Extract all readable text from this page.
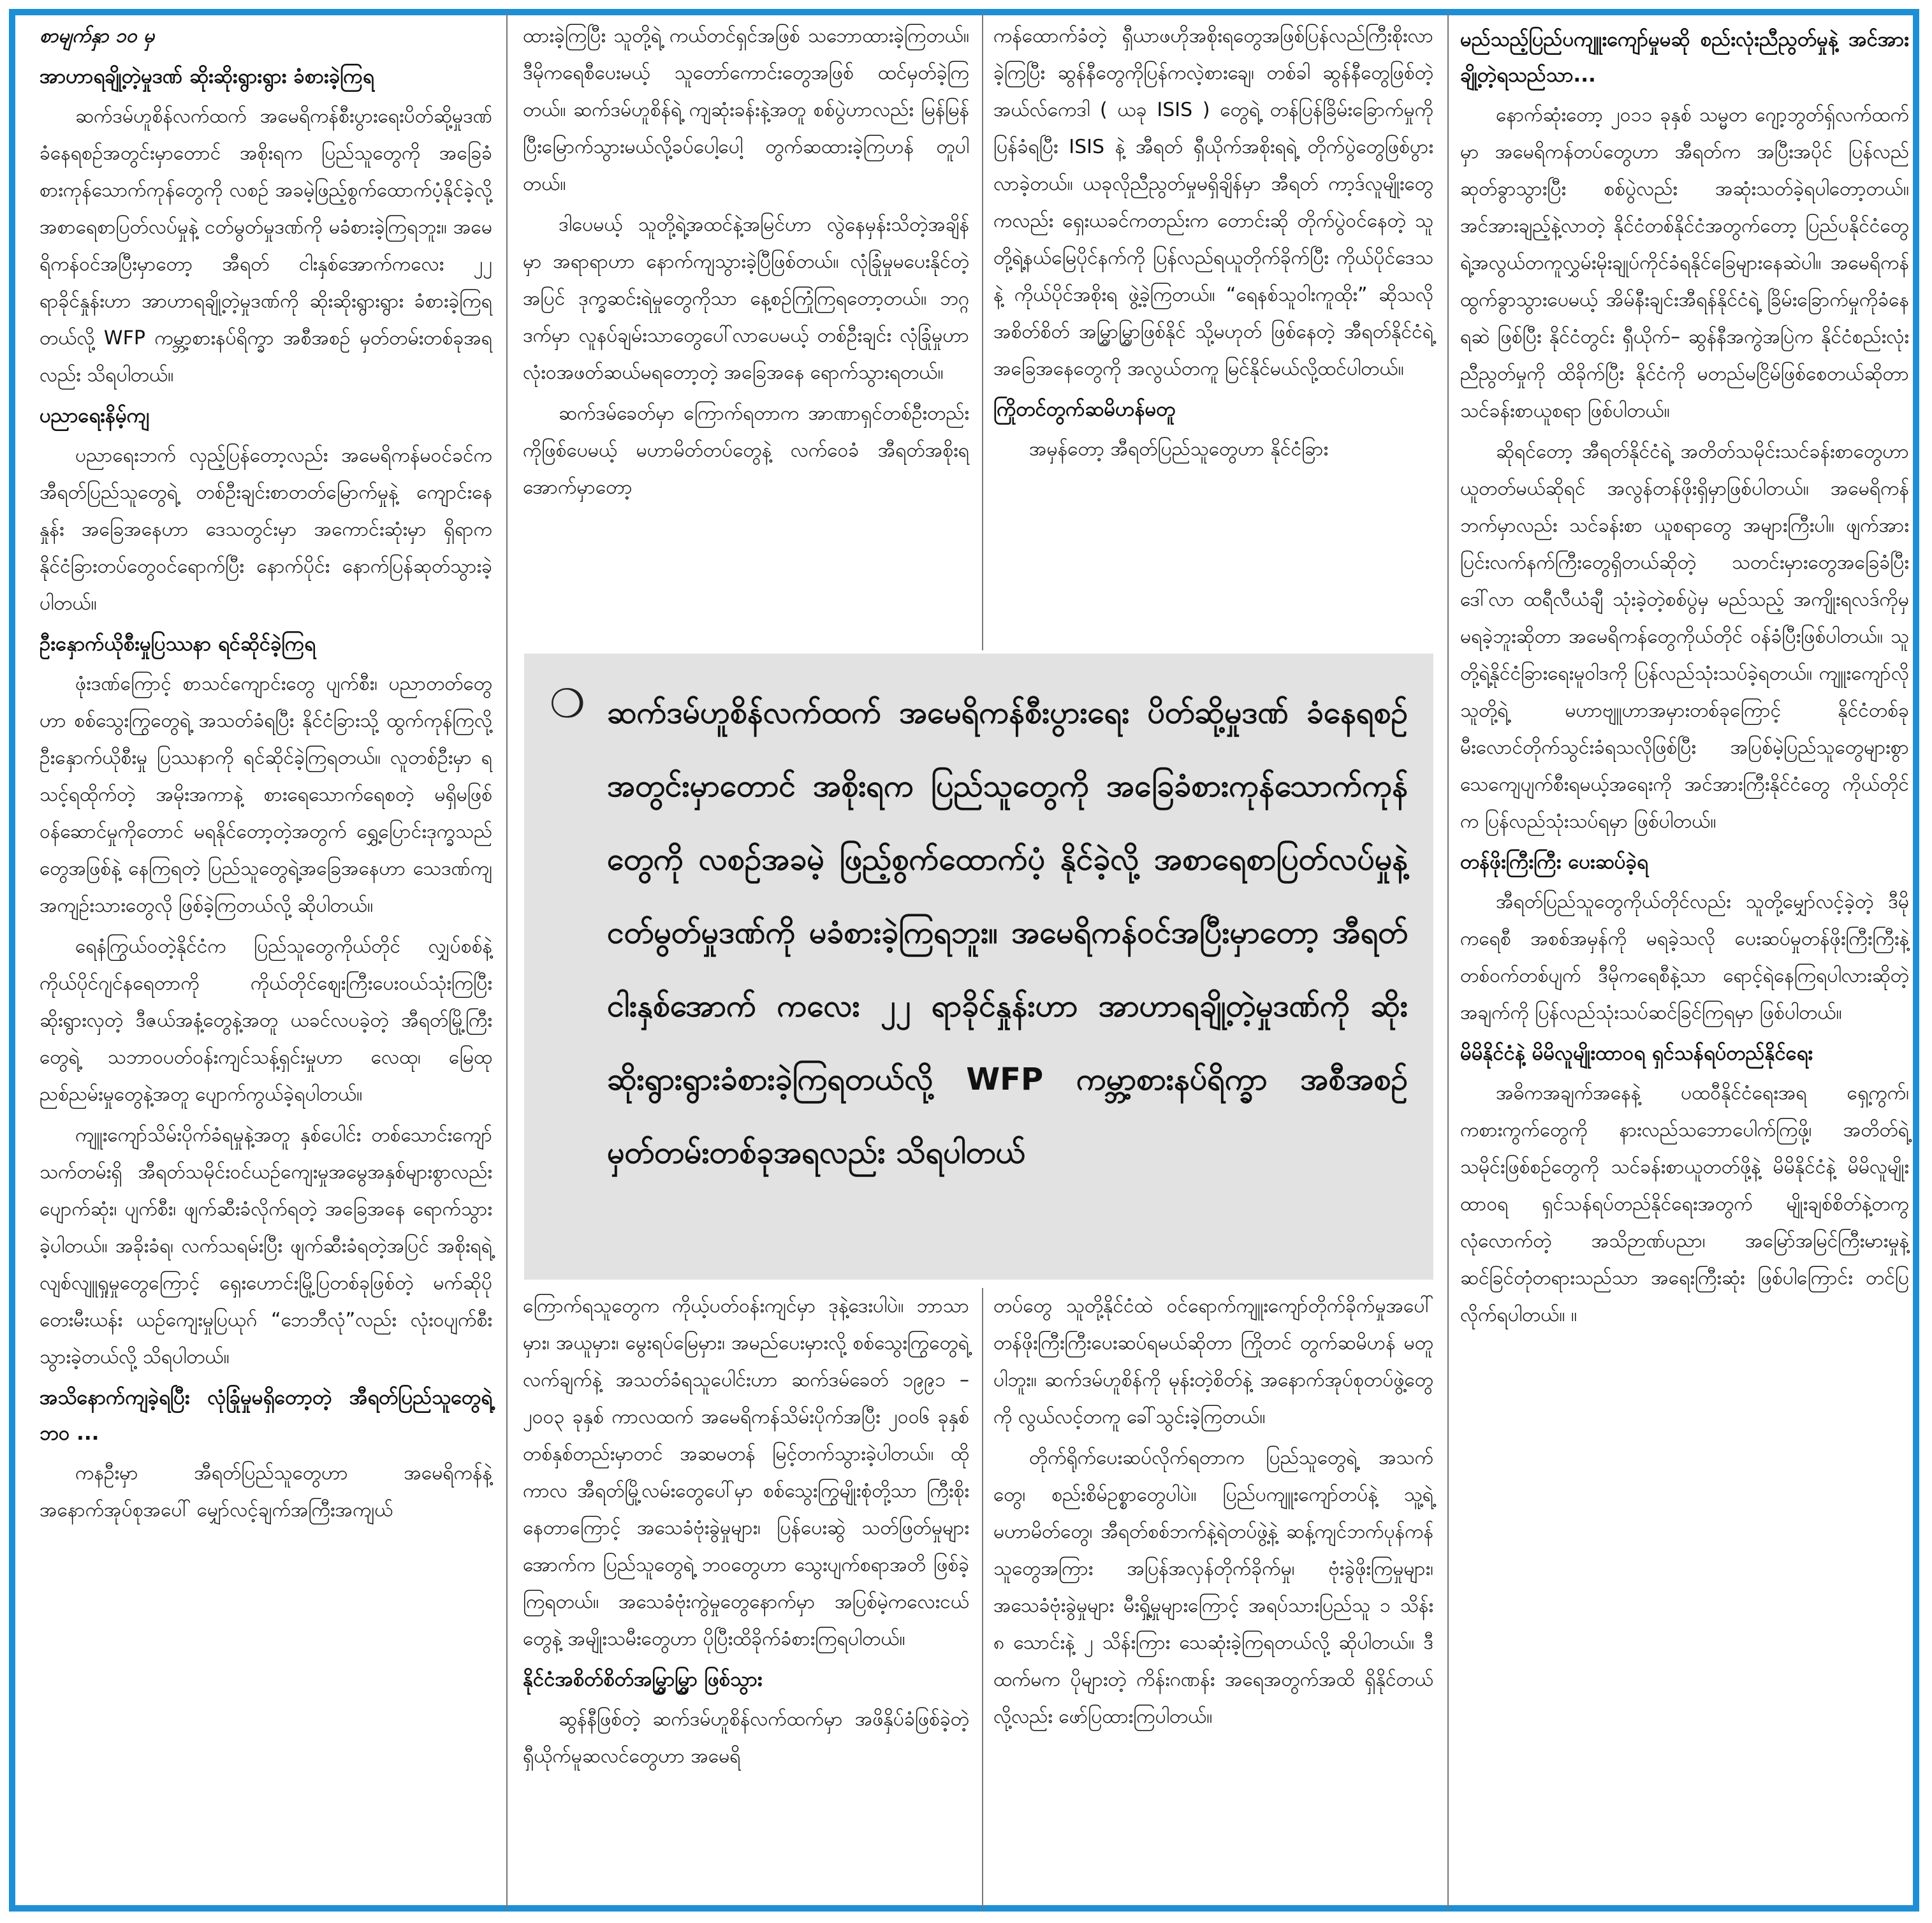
စာမျက်နှာ ၁၀ မှ
အာဟာရချို့တဲ့မှုဒဏ် ဆိုးဆိုးရွားရွား ခံစားခဲ့ကြရ

ဆက်ဒမ်ဟူစိန်လက်ထက် အမေရိကန်စီးပွားရေးပိတ်ဆို့မှုဒဏ် ခံနေရစဉ်အတွင်းမှာတောင် အစိုးရက ပြည်သူတွေကို အခြေခံစားကုန်သောက်ကုန်တွေကို လစဉ် အခမဲ့ဖြည့်စွက်ထောက်ပံ့နိုင်ခဲ့လို့ အစာရေစာပြတ်လပ်မှုနဲ့ ငတ်မွတ်မှုဒဏ်ကို မခံစားခဲ့ကြရဘူး။ အမေရိကန်ဝင်အပြီးမှာတော့ အီရတ် ငါးနှစ်အောက်ကလေး ၂၂ ရာခိုင်နှုန်းဟာ အာဟာရချို့တဲ့မှုဒဏ်ကို ဆိုးဆိုးရွားရွား ခံစားခဲ့ကြရတယ်လို့ WFP ကမ္ဘာ့စားနပ်ရိက္ခာ အစီအစဉ် မှတ်တမ်းတစ်ခုအရလည်း သိရပါတယ်။

ပညာရေးနိမ့်ကျ

ပညာရေးဘက် လှည့်ပြန်တော့လည်း အမေရိကန်မဝင်ခင်က အီရတ်ပြည်သူတွေရဲ့ တစ်ဦးချင်းစာတတ်မြောက်မှုနဲ့ ကျောင်းနေနှုန်း အခြေအနေဟာ ဒေသတွင်းမှာ အကောင်းဆုံးမှာ ရှိရာက နိုင်ငံခြားတပ်တွေဝင်ရောက်ပြီး နောက်ပိုင်း နောက်ပြန်ဆုတ်သွားခဲ့ပါတယ်။

ဦးနှောက်ယိုစီးမှုပြဿနာ ရင်ဆိုင်ခဲ့ကြရ

ဖုံးဒဏ်ကြောင့် စာသင်ကျောင်းတွေ ပျက်စီး၊ ပညာတတ်တွေဟာ စစ်သွေးကြွတွေရဲ့ အသတ်ခံရပြီး နိုင်ငံခြားသို့ ထွက်ကုန်ကြလို့ ဦးနှောက်ယိုစီးမှု ပြဿနာကို ရင်ဆိုင်ခဲ့ကြရတယ်။ လူတစ်ဦးမှာ ရသင့်ရထိုက်တဲ့ အမိုးအကာနဲ့ စားရေသောက်ရေစတဲ့ မရှိမဖြစ် ဝန်ဆောင်မှုကိုတောင် မရနိုင်တော့တဲ့အတွက် ရွှေ့ပြောင်းဒုက္ခသည်တွေအဖြစ်နဲ့ နေကြရတဲ့ ပြည်သူတွေရဲ့အခြေအနေဟာ သေဒဏ်ကျအကျဉ်းသားတွေလို ဖြစ်ခဲ့ကြတယ်လို့ ဆိုပါတယ်။

ရေနံကြွယ်ဝတဲ့နိုင်ငံက ပြည်သူတွေကိုယ်တိုင် လျှပ်စစ်နဲ့ ကိုယ်ပိုင်ဂျင်နရေတာကို ကိုယ်တိုင်ဈေးကြီးပေးဝယ်သုံးကြပြီး ဆိုးရွားလှတဲ့ ဒီဇယ်အနံ့တွေနဲ့အတူ ယခင်လပခဲ့တဲ့ အီရတ်မြို့ကြီးတွေရဲ့ သဘာဝပတ်ဝန်းကျင်သန့်ရှင်းမှုဟာ လေထု၊ မြေထု ညစ်ညမ်းမှုတွေနဲ့အတူ ပျောက်ကွယ်ခဲ့ရပါတယ်။

ကျူးကျော်သိမ်းပိုက်ခံရမှုနဲ့အတူ နှစ်ပေါင်း တစ်သောင်းကျော်သက်တမ်းရှိ အီရတ်သမိုင်းဝင်ယဉ်ကျေးမှုအမွေအနှစ်များစွာလည်း ပျောက်ဆုံး၊ ပျက်စီး၊ ဖျက်ဆီးခံလိုက်ရတဲ့ အခြေအနေ ရောက်သွားခဲ့ပါတယ်။ အခိုးခံရ၊ လက်သရမ်းပြီး ဖျက်ဆီးခံရတဲ့အပြင် အစိုးရရဲ့ လျစ်လျူရှုမှုတွေကြောင့် ရှေးဟောင်းမြို့ပြတစ်ခုဖြစ်တဲ့ မက်ဆိုပိုတေးမီးယန်း ယဉ်ကျေးမှုပြယုဂ် “ဘေဘီလုံ”လည်း လုံးဝပျက်စီးသွားခဲ့တယ်လို့ သိရပါတယ်။

အသိနောက်ကျခဲ့ရပြီး လုံခြုံမှုမရှိတော့တဲ့ အီရတ်ပြည်သူတွေရဲ့ဘဝ ...

ကနဦးမှာ အီရတ်ပြည်သူတွေဟာ အမေရိကန်နဲ့ အနောက်အုပ်စုအပေါ် မျှော်လင့်ချက်အကြီးအကျယ်

ထားခဲ့ကြပြီး သူတို့ရဲ့ ကယ်တင်ရှင်အဖြစ် သဘောထားခဲ့ကြတယ်။ ဒီမိုကရေစီပေးမယ့် သူတော်ကောင်းတွေအဖြစ် ထင်မှတ်ခဲ့ကြတယ်။ ဆက်ဒမ်ဟူစိန်ရဲ့ ကျဆုံးခန်းနဲ့အတူ စစ်ပွဲဟာလည်း မြန်မြန်ပြီးမြောက်သွားမယ်လို့ခပ်ပေါ့ပေါ့ တွက်ဆထားခဲ့ကြဟန် တူပါတယ်။

ဒါပေမယ့် သူတို့ရဲ့အထင်နဲ့အမြင်ဟာ လွဲနေမှန်းသိတဲ့အချိန်မှာ အရာရာဟာ နောက်ကျသွားခဲ့ပြီဖြစ်တယ်။ လုံခြုံမှုမပေးနိုင်တဲ့အပြင် ဒုက္ခဆင်းရဲမှုတွေကိုသာ နေ့စဉ်ကြုံကြရတော့တယ်။ ဘဂ္ဂဒက်မှာ လူနပ်ချမ်းသာတွေပေါ်လာပေမယ့် တစ်ဦးချင်း လုံခြုံမှုဟာ လုံးဝအဖတ်ဆယ်မရတော့တဲ့ အခြေအနေ ရောက်သွားရတယ်။

ဆက်ဒမ်ခေတ်မှာ ကြောက်ရတာက အာဏာရှင်တစ်ဦးတည်းကိုဖြစ်ပေမယ့် မဟာမိတ်တပ်တွေနဲ့ လက်ဝေခံ အီရတ်အစိုးရအောက်မှာတော့

ကန်ထောက်ခံတဲ့ ရှီယာဖဟိုအစိုးရတွေအဖြစ်ပြန်လည်ကြီးစိုးလာခဲ့ကြပြီး ဆွန်နီတွေကိုပြန်ကလဲ့စားချေ၊ တစ်ခါ ဆွန်နီတွေဖြစ်တဲ့ အယ်လ်ကေဒါ ( ယခု ISIS ) တွေရဲ့ တန်ပြန်ခြိမ်းခြောက်မှုကို ပြန်ခံရပြီး ISIS နဲ့ အီရတ် ရှီယိုက်အစိုးရရဲ့ တိုက်ပွဲတွေဖြစ်ပွားလာခဲ့တယ်။ ယခုလိုညီညွတ်မှုမရှိချိန်မှာ အီရတ် ကာ့ဒ်လူမျိုးတွေကလည်း ရှေးယခင်ကတည်းက တောင်းဆို တိုက်ပွဲဝင်နေတဲ့ သူတို့ရဲ့နယ်မြေပိုင်နက်ကို ပြန်လည်ရယူတိုက်ခိုက်ပြီး ကိုယ်ပိုင်ဒေသနဲ့ ကိုယ်ပိုင်အစိုးရ ဖွဲ့ခဲ့ကြတယ်။ “ရေနစ်သူဝါးကူထိုး” ဆိုသလို အစိတ်စိတ် အမြွှာမြွှာဖြစ်နိုင် သို့မဟုတ် ဖြစ်နေတဲ့ အီရတ်နိုင်ငံရဲ့ အခြေအနေတွေကို အလွယ်တကူ မြင်နိုင်မယ်လို့ထင်ပါတယ်။

ကြိုတင်တွက်ဆမိဟန်မတူ

အမှန်တော့ အီရတ်ပြည်သူတွေဟာ နိုင်ငံခြား

❍ ဆက်ဒမ်ဟူစိန်လက်ထက် အမေရိကန်စီးပွားရေး ပိတ်ဆို့မှုဒဏ် ခံနေရစဉ်အတွင်းမှာတောင် အစိုးရက ပြည်သူတွေကို အခြေခံစားကုန်သောက်ကုန်တွေကို လစဉ်အခမဲ့ ဖြည့်စွက်ထောက်ပံ့ နိုင်ခဲ့လို့ အစာရေစာပြတ်လပ်မှုနဲ့ ငတ်မွတ်မှုဒဏ်ကို မခံစားခဲ့ကြရဘူး။ အမေရိကန်ဝင်အပြီးမှာတော့ အီရတ်ငါးနှစ်အောက် ကလေး ၂၂ ရာခိုင်နှုန်းဟာ အာဟာရချို့တဲ့မှုဒဏ်ကို ဆိုးဆိုးရွားရွားခံစားခဲ့ကြရတယ်လို့ WFP ကမ္ဘာ့စားနပ်ရိက္ခာ အစီအစဉ် မှတ်တမ်းတစ်ခုအရလည်း သိရပါတယ်

ကြောက်ရသူတွေက ကိုယ့်ပတ်ဝန်းကျင်မှာ ဒုနဲ့ဒေးပါပဲ။ ဘာသာမှား၊ အယူမှား၊ မွေးရပ်မြေမှား၊ အမည်ပေးမှားလို့ စစ်သွေးကြွတွေရဲ့လက်ချက်နဲ့ အသတ်ခံရသူပေါင်းဟာ ဆက်ဒမ်ခေတ် ၁၉၉၁ – ၂၀၀၃ ခုနှစ် ကာလထက် အမေရိကန်သိမ်းပိုက်အပြီး ၂၀၀၆ ခုနှစ် တစ်နှစ်တည်းမှာတင် အဆမတန် မြင့်တက်သွားခဲ့ပါတယ်။ ထိုကာလ အီရတ်မြို့လမ်းတွေပေါ်မှာ စစ်သွေးကြွမျိုးစုံတို့သာ ကြီးစိုးနေတာကြောင့် အသေခံဗုံးခွဲမှုများ၊ ပြန်ပေးဆွဲ သတ်ဖြတ်မှုများအောက်က ပြည်သူတွေရဲ့ ဘဝတွေဟာ သွေးပျက်စရာအတိ ဖြစ်ခဲ့ကြရတယ်။ အသေခံဗုံးကွဲမှုတွေနောက်မှာ အပြစ်မဲ့ကလေးငယ်တွေနဲ့ အမျိုးသမီးတွေဟာ ပိုပြီးထိခိုက်ခံစားကြရပါတယ်။

နိုင်ငံအစိတ်စိတ်အမြွှာမြွှာ ဖြစ်သွား

ဆွန်နီဖြစ်တဲ့ ဆက်ဒမ်ဟူစိန်လက်ထက်မှာ အဖိနှိပ်ခံဖြစ်ခဲ့တဲ့ ရှီယိုက်မူဆလင်တွေဟာ အမေရိ

တပ်တွေ သူတို့နိုင်ငံထဲ ဝင်ရောက်ကျူးကျော်တိုက်ခိုက်မှုအပေါ် တန်ဖိုးကြီးကြီးပေးဆပ်ရမယ်ဆိုတာ ကြိုတင် တွက်ဆမိဟန် မတူပါဘူး။ ဆက်ဒမ်ဟူစိန်ကို မုန်းတဲ့စိတ်နဲ့ အနောက်အုပ်စုတပ်ဖွဲ့တွေကို လွယ်လင့်တကူ ခေါ်သွင်းခဲ့ကြတယ်။

တိုက်ရိုက်ပေးဆပ်လိုက်ရတာက ပြည်သူတွေရဲ့ အသက်တွေ၊ စည်းစိမ်ဥစ္စာတွေပါပဲ။ ပြည်ပကျူးကျော်တပ်နဲ့ သူ့ရဲ့မဟာမိတ်တွေ၊ အီရတ်စစ်ဘက်နဲ့ရဲတပ်ဖွဲ့နဲ့ ဆန့်ကျင်ဘက်ပုန်ကန်သူတွေအကြား အပြန်အလှန်တိုက်ခိုက်မှု၊ ဗုံးခွဲဖိုးကြမှုများ၊ အသေခံဗုံးခွဲမှုများ မီးရှို့မှုများကြောင့် အရပ်သားပြည်သူ ၁ သိန်း ၈ သောင်းနဲ့ ၂ သိန်းကြား သေဆုံးခဲ့ကြရတယ်လို့ ဆိုပါတယ်။ ဒီထက်မက ပိုများတဲ့ ကိန်းဂဏန်း အရေအတွက်အထိ ရှိနိုင်တယ်လို့လည်း ဖော်ပြထားကြပါတယ်။

မည်သည့်ပြည်ပကျူးကျော်မှုမဆို စည်းလုံးညီညွတ်မှုနဲ့ အင်အားချို့တဲ့ရသည်သာ...

နောက်ဆုံးတော့ ၂၀၁၁ ခုနှစ် သမ္မတ ဂျော့ဘွတ်ရှ်လက်ထက်မှာ အမေရိကန်တပ်တွေဟာ အီရတ်က အပြီးအပိုင် ပြန်လည်ဆုတ်ခွာသွားပြီး စစ်ပွဲလည်း အဆုံးသတ်ခဲ့ရပါတော့တယ်။ အင်အားချည့်နဲ့လာတဲ့ နိုင်ငံတစ်နိုင်ငံအတွက်တော့ ပြည်ပနိုင်ငံတွေရဲ့အလွယ်တကူလွှမ်းမိုးချုပ်ကိုင်ခံရနိုင်ခြေများနေဆဲပါ။ အမေရိကန် ထွက်ခွာသွားပေမယ့် အိမ်နီးချင်းအီရန်နိုင်ငံရဲ့ ခြိမ်းခြောက်မှုကိုခံနေရဆဲ ဖြစ်ပြီး နိုင်ငံတွင်း ရှီယိုက်– ဆွန်နီအကွဲအပြဲက နိုင်ငံစည်းလုံးညီညွတ်မှုကို ထိခိုက်ပြီး နိုင်ငံကို မတည်မငြိမ်ဖြစ်စေတယ်ဆိုတာ သင်ခန်းစာယူစရာ ဖြစ်ပါတယ်။

ဆိုရင်တော့ အီရတ်နိုင်ငံရဲ့ အတိတ်သမိုင်းသင်ခန်းစာတွေဟာ ယူတတ်မယ်ဆိုရင် အလွန်တန်ဖိုးရှိမှာဖြစ်ပါတယ်။ အမေရိကန်ဘက်မှာလည်း သင်ခန်းစာ ယူစရာတွေ အများကြီးပါ။ ဖျက်အားပြင်းလက်နက်ကြီးတွေရှိတယ်ဆိုတဲ့ သတင်းမှားတွေအခြေခံပြီး ဒေါ်လာ ထရီလီယံချီ သုံးခဲ့တဲ့စစ်ပွဲမှ မည်သည့် အကျိုးရလဒ်ကိုမှ မရခဲ့ဘူးဆိုတာ အမေရိကန်တွေကိုယ်တိုင် ဝန်ခံပြီးဖြစ်ပါတယ်။ သူတို့ရဲ့နိုင်ငံခြားရေးမူဝါဒကို ပြန်လည်သုံးသပ်ခဲ့ရတယ်။ ကျူးကျော်လိုသူတို့ရဲ့ မဟာဗျူဟာအမှားတစ်ခုကြောင့် နိုင်ငံတစ်ခု မီးလောင်တိုက်သွင်းခံရသလိုဖြစ်ပြီး အပြစ်မဲ့ပြည်သူတွေများစွာ သေကျေပျက်စီးရမယ့်အရေးကို အင်အားကြီးနိုင်ငံတွေ ကိုယ်တိုင်က ပြန်လည်သုံးသပ်ရမှာ ဖြစ်ပါတယ်။

တန်ဖိုးကြီးကြီး ပေးဆပ်ခဲ့ရ

အီရတ်ပြည်သူတွေကိုယ်တိုင်လည်း သူတို့မျှော်လင့်ခဲ့တဲ့ ဒီမိုကရေစီ အစစ်အမှန်ကို မရခဲ့သလို ပေးဆပ်မှုတန်ဖိုးကြီးကြီးနဲ့ တစ်ဝက်တစ်ပျက် ဒီမိုကရေစီနဲ့သာ ရောင့်ရဲနေကြရပါလားဆိုတဲ့ အချက်ကို ပြန်လည်သုံးသပ်ဆင်ခြင်ကြရမှာ ဖြစ်ပါတယ်။

မိမိနိုင်ငံနဲ့ မိမိလူမျိုးထာဝရ ရှင်သန်ရပ်တည်နိုင်ရေး

အဓိကအချက်အနေနဲ့ ပထဝီနိုင်ငံရေးအရ ရှေ့ကွက်၊ ကစားကွက်တွေကို နားလည်သဘောပေါက်ကြဖို့၊ အတိတ်ရဲ့ သမိုင်းဖြစ်စဉ်တွေကို သင်ခန်းစာယူတတ်ဖို့နဲ့ မိမိနိုင်ငံနဲ့ မိမိလူမျိုးထာဝရ ရှင်သန်ရပ်တည်နိုင်ရေးအတွက် မျိုးချစ်စိတ်နဲ့တကွ လုံလောက်တဲ့ အသိဉာဏ်ပညာ၊ အမြော်အမြင်ကြီးမားမှုနဲ့ ဆင်ခြင်တုံတရားသည်သာ အရေးကြီးဆုံး ဖြစ်ပါကြောင်း တင်ပြလိုက်ရပါတယ်။ ။
